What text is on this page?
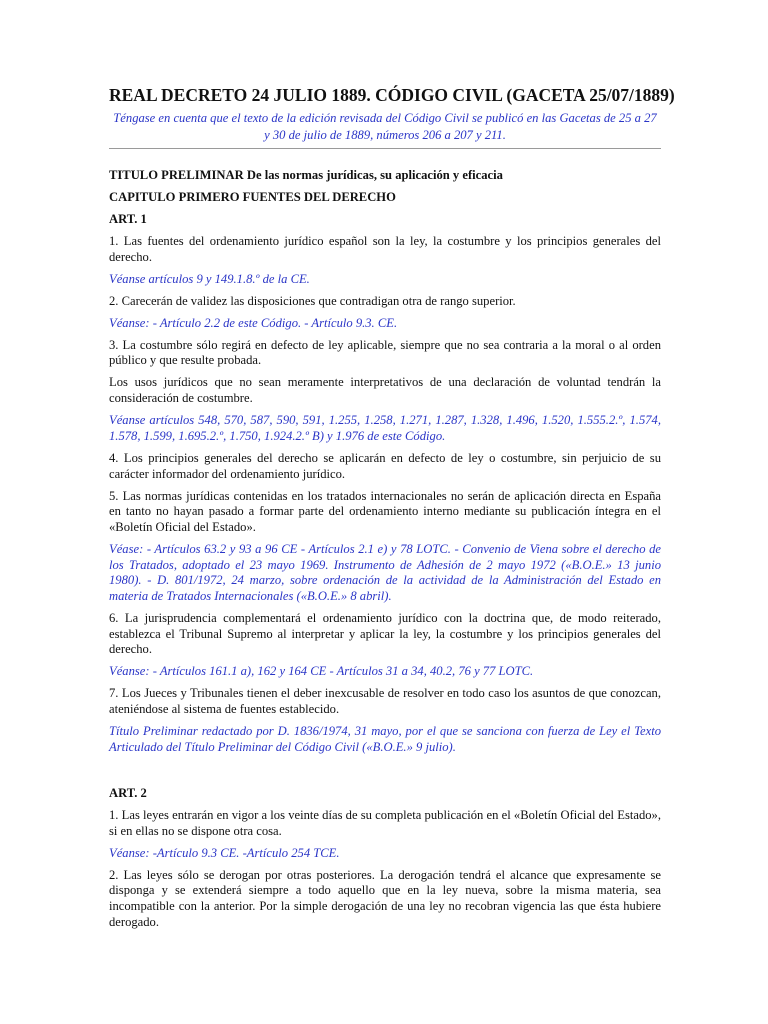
REAL DECRETO 24 JULIO 1889. CÓDIGO CIVIL (GACETA 25/07/1889)
Téngase en cuenta que el texto de la edición revisada del Código Civil se publicó en las Gacetas de 25 a 27 y 30 de julio de 1889, números 206 a 207 y 211.

TITULO PRELIMINAR De las normas jurídicas, su aplicación y eficacia

CAPITULO PRIMERO FUENTES DEL DERECHO

ART. 1

1. Las fuentes del ordenamiento jurídico español son la ley, la costumbre y los principios generales del derecho.

Véanse artículos 9 y 149.1.8.º de la CE.

2. Carecerán de validez las disposiciones que contradigan otra de rango superior.

Véanse: - Artículo 2.2 de este Código. - Artículo 9.3. CE.

3. La costumbre sólo regirá en defecto de ley aplicable, siempre que no sea contraria a la moral o al orden público y que resulte probada.

Los usos jurídicos que no sean meramente interpretativos de una declaración de voluntad tendrán la consideración de costumbre.

Véanse artículos 548, 570, 587, 590, 591, 1.255, 1.258, 1.271, 1.287, 1.328, 1.496, 1.520, 1.555.2.º, 1.574, 1.578, 1.599, 1.695.2.º, 1.750, 1.924.2.º B) y 1.976 de este Código.

4. Los principios generales del derecho se aplicarán en defecto de ley o costumbre, sin perjuicio de su carácter informador del ordenamiento jurídico.

5. Las normas jurídicas contenidas en los tratados internacionales no serán de aplicación directa en España en tanto no hayan pasado a formar parte del ordenamiento interno mediante su publicación íntegra en el «Boletín Oficial del Estado».

Véase: - Artículos 63.2 y 93 a 96 CE - Artículos 2.1 e) y 78 LOTC. - Convenio de Viena sobre el derecho de los Tratados, adoptado el 23 mayo 1969. Instrumento de Adhesión de 2 mayo 1972 («B.O.E.» 13 junio 1980). - D. 801/1972, 24 marzo, sobre ordenación de la actividad de la Administración del Estado en materia de Tratados Internacionales («B.O.E.» 8 abril).

6. La jurisprudencia complementará el ordenamiento jurídico con la doctrina que, de modo reiterado, establezca el Tribunal Supremo al interpretar y aplicar la ley, la costumbre y los principios generales del derecho.

Véanse: - Artículos 161.1 a), 162 y 164 CE - Artículos 31 a 34, 40.2, 76 y 77 LOTC.

7. Los Jueces y Tribunales tienen el deber inexcusable de resolver en todo caso los asuntos de que conozcan, ateniéndose al sistema de fuentes establecido.

Título Preliminar redactado por D. 1836/1974, 31 mayo, por el que se sanciona con fuerza de Ley el Texto Articulado del Título Preliminar del Código Civil («B.O.E.» 9 julio).

ART. 2

1. Las leyes entrarán en vigor a los veinte días de su completa publicación en el «Boletín Oficial del Estado», si en ellas no se dispone otra cosa.

Véanse: -Artículo 9.3 CE. -Artículo 254 TCE.

2. Las leyes sólo se derogan por otras posteriores. La derogación tendrá el alcance que expresamente se disponga y se extenderá siempre a todo aquello que en la ley nueva, sobre la misma materia, sea incompatible con la anterior. Por la simple derogación de una ley no recobran vigencia las que ésta hubiere derogado.
